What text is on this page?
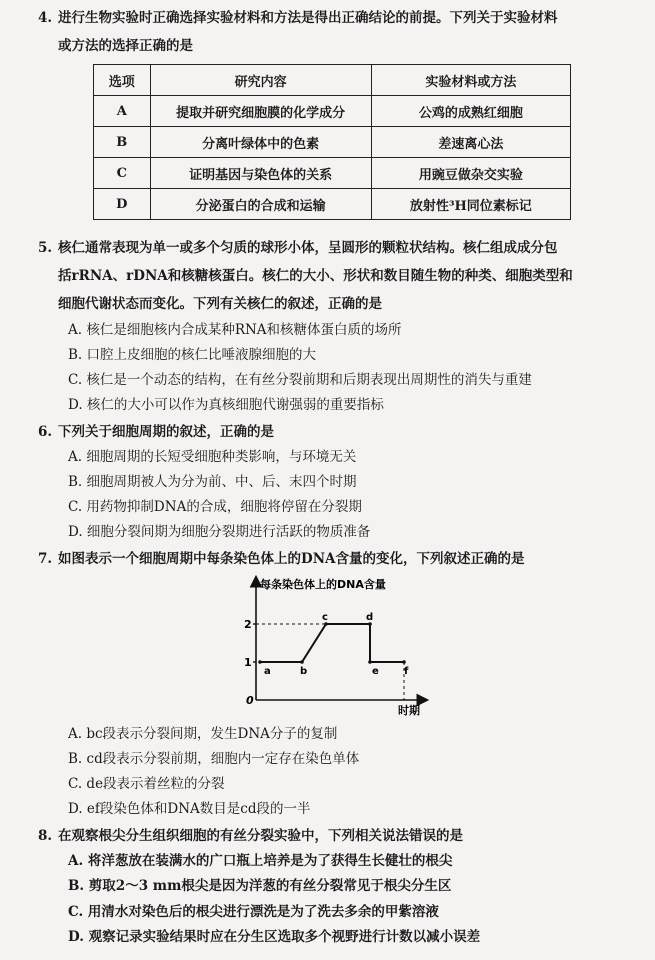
4. 进行生物实验时正确选择实验材料和方法是得出正确结论的前提。下列关于实验材料
或方法的选择正确的是
选项	研究内容	实验材料或方法
A	提取并研究细胞膜的化学成分	公鸡的成熟红细胞
B	分离叶绿体中的色素	差速离心法
C	证明基因与染色体的关系	用豌豆做杂交实验
D	分泌蛋白的合成和运输	放射性³H同位素标记
5. 核仁通常表现为单一或多个匀质的球形小体，呈圆形的颗粒状结构。核仁组成成分包
括rRNA、rDNA和核糖核蛋白。核仁的大小、形状和数目随生物的种类、细胞类型和
细胞代谢状态而变化。下列有关核仁的叙述，正确的是
A. 核仁是细胞核内合成某种RNA和核糖体蛋白质的场所
B. 口腔上皮细胞的核仁比唾液腺细胞的大
C. 核仁是一个动态的结构，在有丝分裂前期和后期表现出周期性的消失与重建
D. 核仁的大小可以作为真核细胞代谢强弱的重要指标
6. 下列关于细胞周期的叙述，正确的是
A. 细胞周期的长短受细胞种类影响，与环境无关
B. 细胞周期被人为分为前、中、后、末四个时期
C. 用药物抑制DNA的合成，细胞将停留在分裂期
D. 细胞分裂间期为细胞分裂期进行活跃的物质准备
7. 如图表示一个细胞周期中每条染色体上的DNA含量的变化，下列叙述正确的是
每条染色体上的DNA含量
时期
0
1
2
a	b
c	d
e	f
A. bc段表示分裂间期，发生DNA分子的复制
B. cd段表示分裂前期，细胞内一定存在染色单体
C. de段表示着丝粒的分裂
D. ef段染色体和DNA数目是cd段的一半
8. 在观察根尖分生组织细胞的有丝分裂实验中，下列相关说法错误的是
A. 将洋葱放在装满水的广口瓶上培养是为了获得生长健壮的根尖
B. 剪取2～3 mm根尖是因为洋葱的有丝分裂常见于根尖分生区
C. 用清水对染色后的根尖进行漂洗是为了洗去多余的甲紫溶液
D. 观察记录实验结果时应在分生区选取多个视野进行计数以减小误差
